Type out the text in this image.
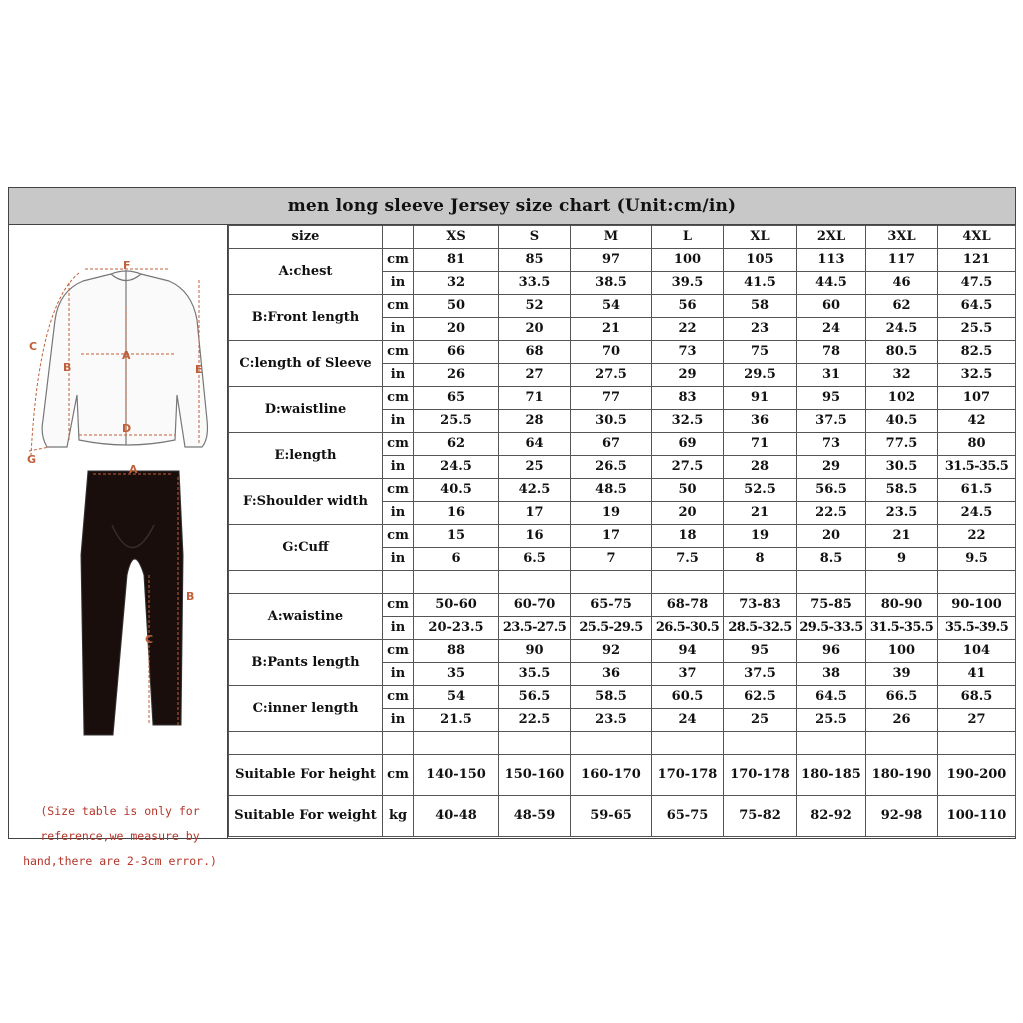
men long sleeve Jersey size chart (Unit:cm/in)
F
A
B
C
D
E
G
A
B
C
(Size table is only for
reference,we measure by
hand,there are 2-3cm error.)
size		XS	S	M	L	XL	2XL	3XL	4XL
A:chest	cm	81	85	97	100	105	113	117	121
	in	32	33.5	38.5	39.5	41.5	44.5	46	47.5
B:Front length	cm	50	52	54	56	58	60	62	64.5
	in	20	20	21	22	23	24	24.5	25.5
C:length of Sleeve	cm	66	68	70	73	75	78	80.5	82.5
	in	26	27	27.5	29	29.5	31	32	32.5
D:waistline	cm	65	71	77	83	91	95	102	107
	in	25.5	28	30.5	32.5	36	37.5	40.5	42
E:length	cm	62	64	67	69	71	73	77.5	80
	in	24.5	25	26.5	27.5	28	29	30.5	31.5-35.5
F:Shoulder width	cm	40.5	42.5	48.5	50	52.5	56.5	58.5	61.5
	in	16	17	19	20	21	22.5	23.5	24.5
G:Cuff	cm	15	16	17	18	19	20	21	22
	in	6	6.5	7	7.5	8	8.5	9	9.5

A:waistine	cm	50-60	60-70	65-75	68-78	73-83	75-85	80-90	90-100
	in	20-23.5	23.5-27.5	25.5-29.5	26.5-30.5	28.5-32.5	29.5-33.5	31.5-35.5	35.5-39.5
B:Pants length	cm	88	90	92	94	95	96	100	104
	in	35	35.5	36	37	37.5	38	39	41
C:inner length	cm	54	56.5	58.5	60.5	62.5	64.5	66.5	68.5
	in	21.5	22.5	23.5	24	25	25.5	26	27

Suitable For height	cm	140-150	150-160	160-170	170-178	170-178	180-185	180-190	190-200
Suitable For weight	kg	40-48	48-59	59-65	65-75	75-82	82-92	92-98	100-110
